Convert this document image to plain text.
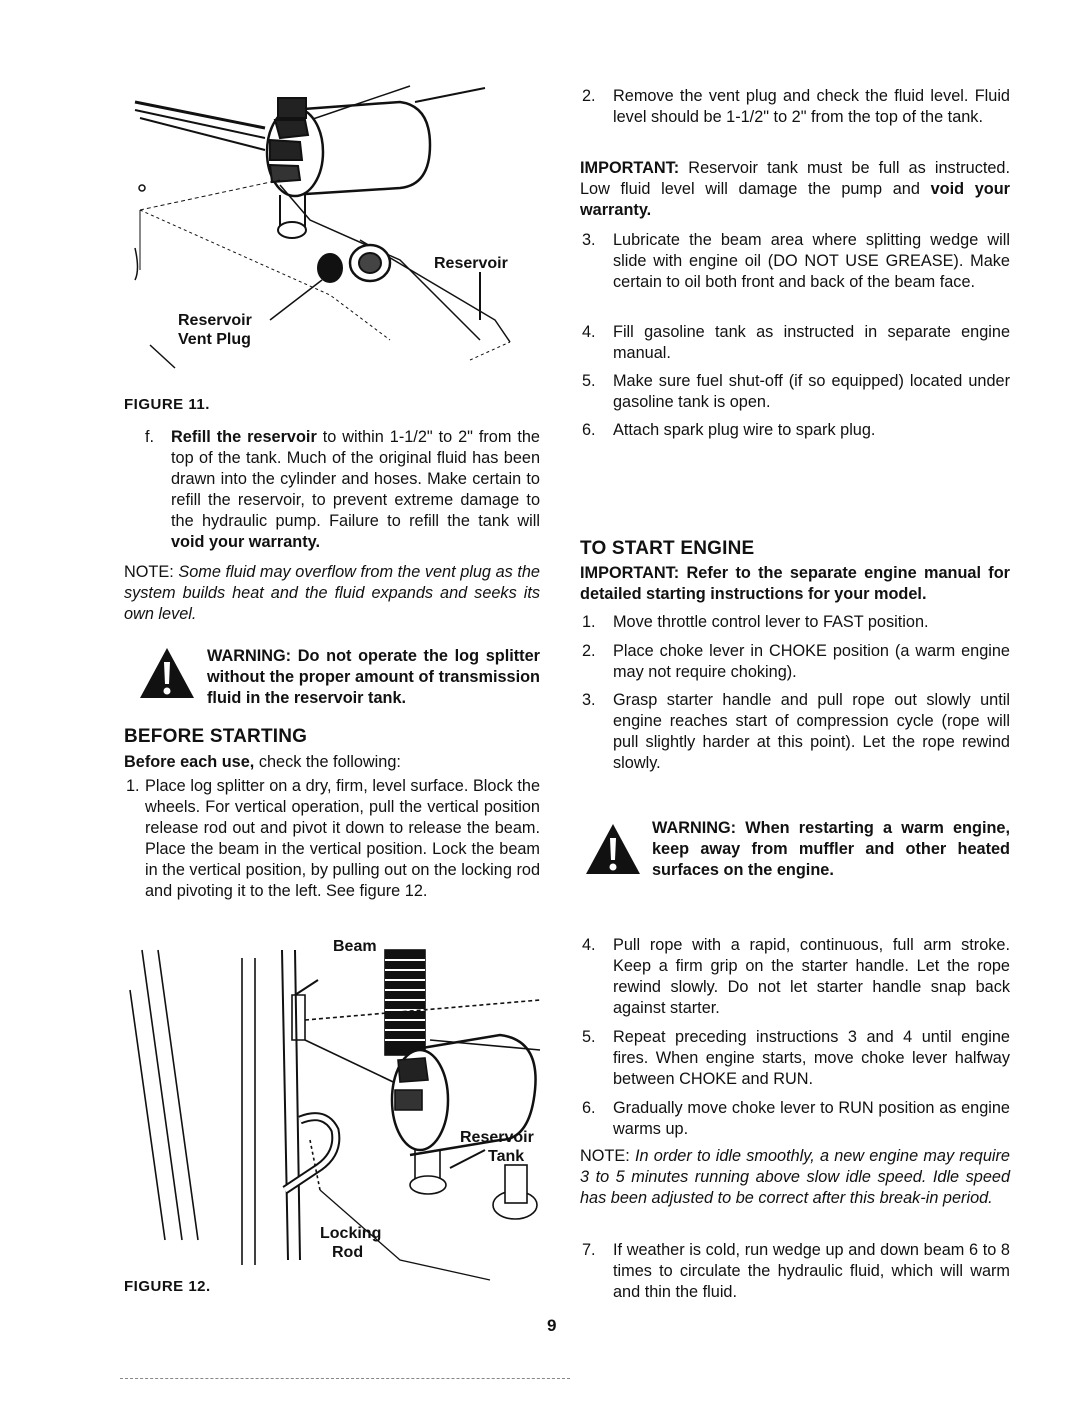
Reservoir
Reservoir
Vent Plug
FIGURE 11.
f. Refill the reservoir to within 1-1/2" to 2" from the top of the tank. Much of the original fluid has been drawn into the cylinder and hoses. Make certain to refill the reservoir, to prevent extreme damage to the hydraulic pump. Failure to refill the tank will void your warranty.
NOTE: Some fluid may overflow from the vent plug as the system builds heat and the fluid expands and seeks its own level.
WARNING: Do not operate the log splitter without the proper amount of transmission fluid in the reservoir tank.
BEFORE STARTING
Before each use, check the following:
1. Place log splitter on a dry, firm, level surface. Block the wheels. For vertical operation, pull the vertical position release rod out and pivot it down to release the beam. Place the beam in the vertical position. Lock the beam in the vertical position, by pulling out on the locking rod and pivoting it to the left. See figure 12.
Beam
Reservoir
Tank
Locking
Rod
FIGURE 12.
2. Remove the vent plug and check the fluid level. Fluid level should be 1-1/2" to 2" from the top of the tank.
IMPORTANT: Reservoir tank must be full as instructed. Low fluid level will damage the pump and void your warranty.
3. Lubricate the beam area where splitting wedge will slide with engine oil (DO NOT USE GREASE). Make certain to oil both front and back of the beam face.
4. Fill gasoline tank as instructed in separate engine manual.
5. Make sure fuel shut-off (if so equipped) located under gasoline tank is open.
6. Attach spark plug wire to spark plug.
TO START ENGINE
IMPORTANT: Refer to the separate engine manual for detailed starting instructions for your model.
1. Move throttle control lever to FAST position.
2. Place choke lever in CHOKE position (a warm engine may not require choking).
3. Grasp starter handle and pull rope out slowly until engine reaches start of compression cycle (rope will pull slightly harder at this point). Let the rope rewind slowly.
WARNING: When restarting a warm engine, keep away from muffler and other heated surfaces on the engine.
4. Pull rope with a rapid, continuous, full arm stroke. Keep a firm grip on the starter handle. Let the rope rewind slowly. Do not let starter handle snap back against starter.
5. Repeat preceding instructions 3 and 4 until engine fires. When engine starts, move choke lever halfway between CHOKE and RUN.
6. Gradually move choke lever to RUN position as engine warms up.
NOTE: In order to idle smoothly, a new engine may require 3 to 5 minutes running above slow idle speed. Idle speed has been adjusted to be correct after this break-in period.
7. If weather is cold, run wedge up and down beam 6 to 8 times to circulate the hydraulic fluid, which will warm and thin the fluid.
9
